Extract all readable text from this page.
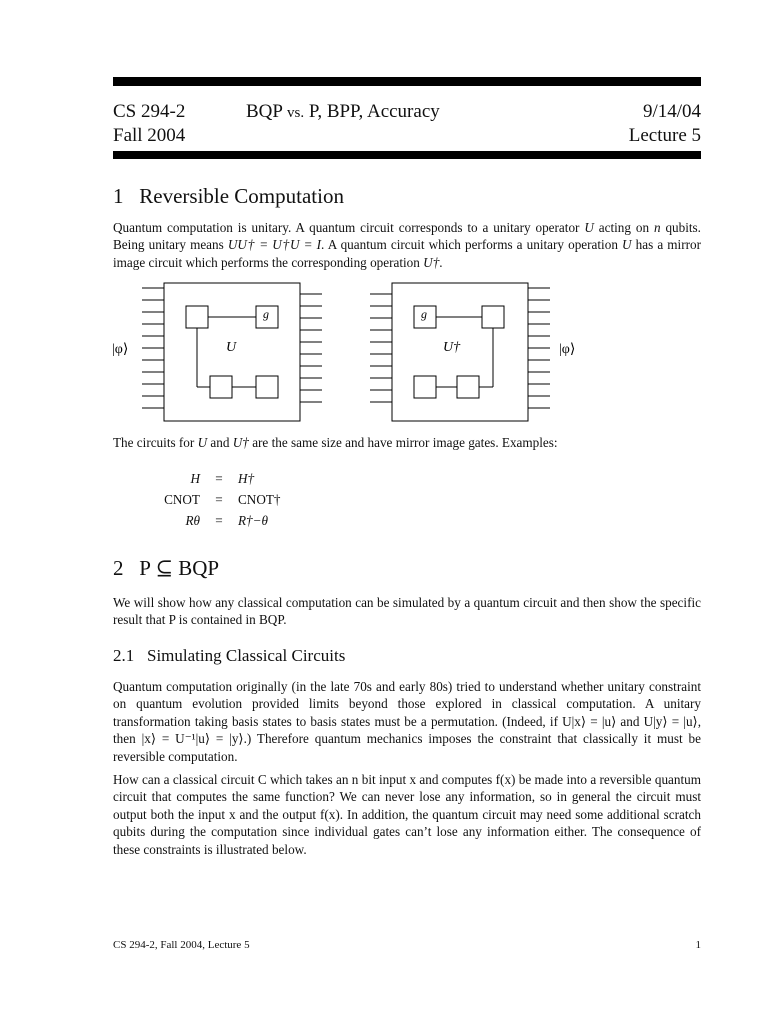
CS 294-2
Fall 2004
BQP vs. P, BPP, Accuracy	9/14/04
Lecture 5
1 Reversible Computation

Quantum computation is unitary. A quantum circuit corresponds to a unitary operator U acting on n qubits. Being unitary means UU† = U†U = I. A quantum circuit which performs a unitary operation U has a mirror image circuit which performs the corresponding operation U†.

|φ⟩	U
g
U†
g
|φ⟩

The circuits for U and U† are the same size and have mirror image gates. Examples:

H	=	H†
CNOT	=	CNOT†
Rθ	=	R†−θ
2 P ⊆ BQP

We will show how any classical computation can be simulated by a quantum circuit and then show the specific result that P is contained in BQP.

2.1 Simulating Classical Circuits

Quantum computation originally (in the late 70s and early 80s) tried to understand whether unitary constraint on quantum evolution provided limits beyond those explored in classical computation. A unitary transformation taking basis states to basis states must be a permutation. (Indeed, if U|x⟩ = |u⟩ and U|y⟩ = |u⟩, then |x⟩ = U⁻¹|u⟩ = |y⟩.) Therefore quantum mechanics imposes the constraint that classically it must be reversible computation.

How can a classical circuit C which takes an n bit input x and computes f(x) be made into a reversible quantum circuit that computes the same function? We can never lose any information, so in general the circuit must output both the input x and the output f(x). In addition, the quantum circuit may need some additional scratch qubits during the computation since individual gates can’t lose any information either. The consequence of these constraints is illustrated below.

CS 294-2, Fall 2004, Lecture 5	1
